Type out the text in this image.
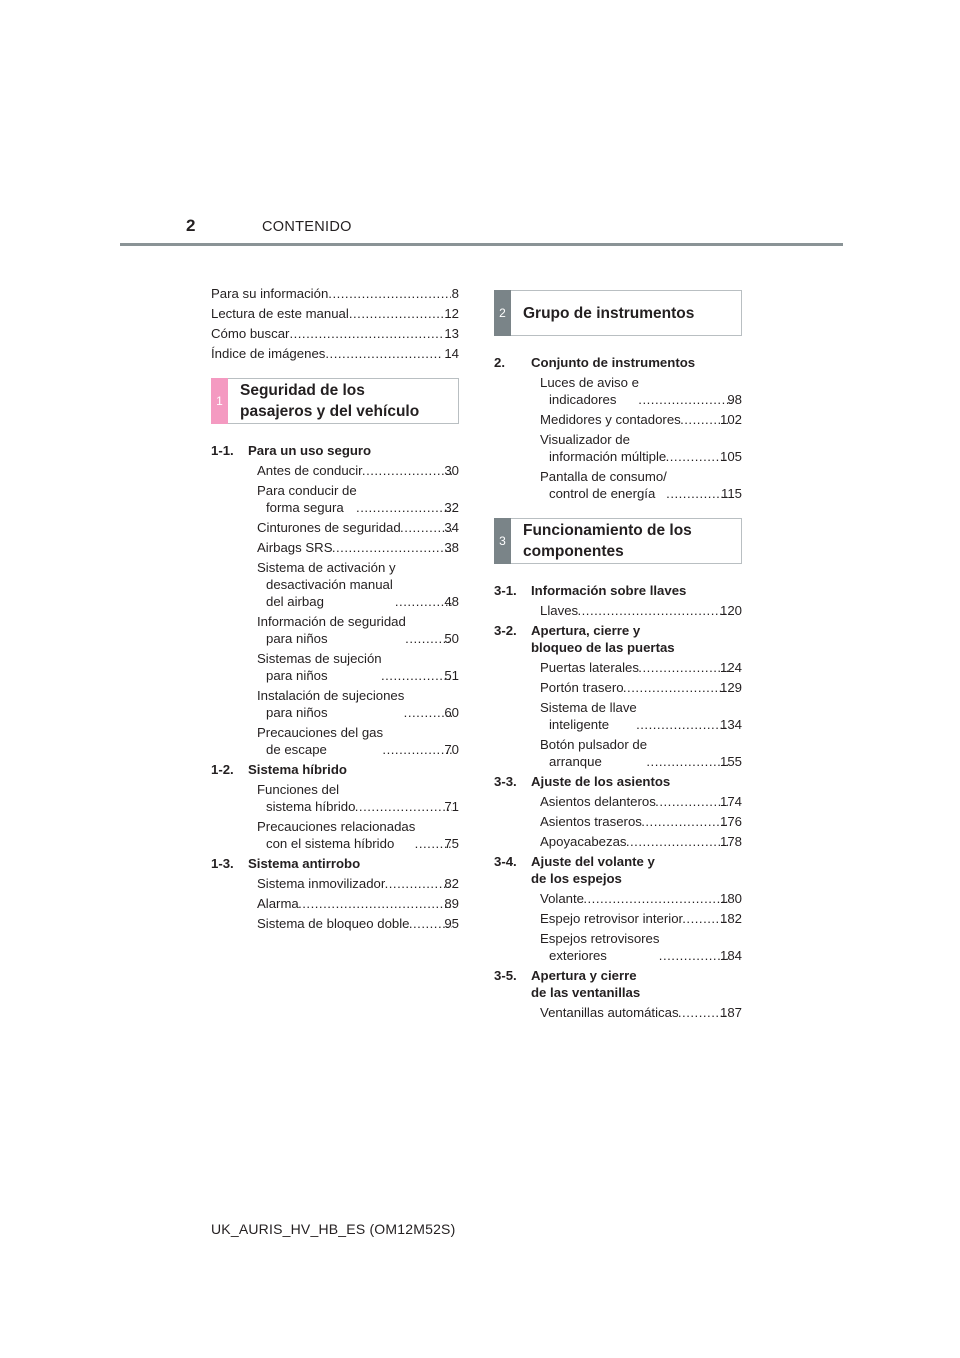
2	CONTENIDO
Para su información .....	8
Lectura de este manual .....	12
Cómo buscar .....	13
Índice de imágenes .....	14
1
Seguridad de los
pasajeros y del vehículo
1-1.	Para un uso seguro
Antes de conducir .....	30
Para conducir de
forma segura .....	32
Cinturones de seguridad .....	34
Airbags SRS .....	38
Sistema de activación y
desactivación manual
del airbag .....	48
Información de seguridad
para niños .....	50
Sistemas de sujeción
para niños .....	51
Instalación de sujeciones
para niños .....	60
Precauciones del gas
de escape .....	70
1-2.	Sistema híbrido
Funciones del
sistema híbrido .....	71
Precauciones relacionadas
con el sistema híbrido .....	75
1-3.	Sistema antirrobo
Sistema inmovilizador .....	82
Alarma .....	89
Sistema de bloqueo doble .....	95
2	Grupo de instrumentos
2.	Conjunto de instrumentos
Luces de aviso e
indicadores .....	98
Medidores y contadores .....	102
Visualizador de
información múltiple .....	105
Pantalla de consumo/
control de energía .....	115
3
Funcionamiento de los
componentes
3-1.	Información sobre llaves
Llaves .....	120
3-2.	Apertura, cierre y
bloqueo de las puertas
Puertas laterales .....	124
Portón trasero .....	129
Sistema de llave
inteligente .....	134
Botón pulsador de
arranque .....	155
3-3.	Ajuste de los asientos
Asientos delanteros .....	174
Asientos traseros .....	176
Apoyacabezas .....	178
3-4.	Ajuste del volante y
de los espejos
Volante .....	180
Espejo retrovisor interior .....	182
Espejos retrovisores
exteriores .....	184
3-5.	Apertura y cierre
de las ventanillas
Ventanillas automáticas .....	187
UK_AURIS_HV_HB_ES (OM12M52S)
